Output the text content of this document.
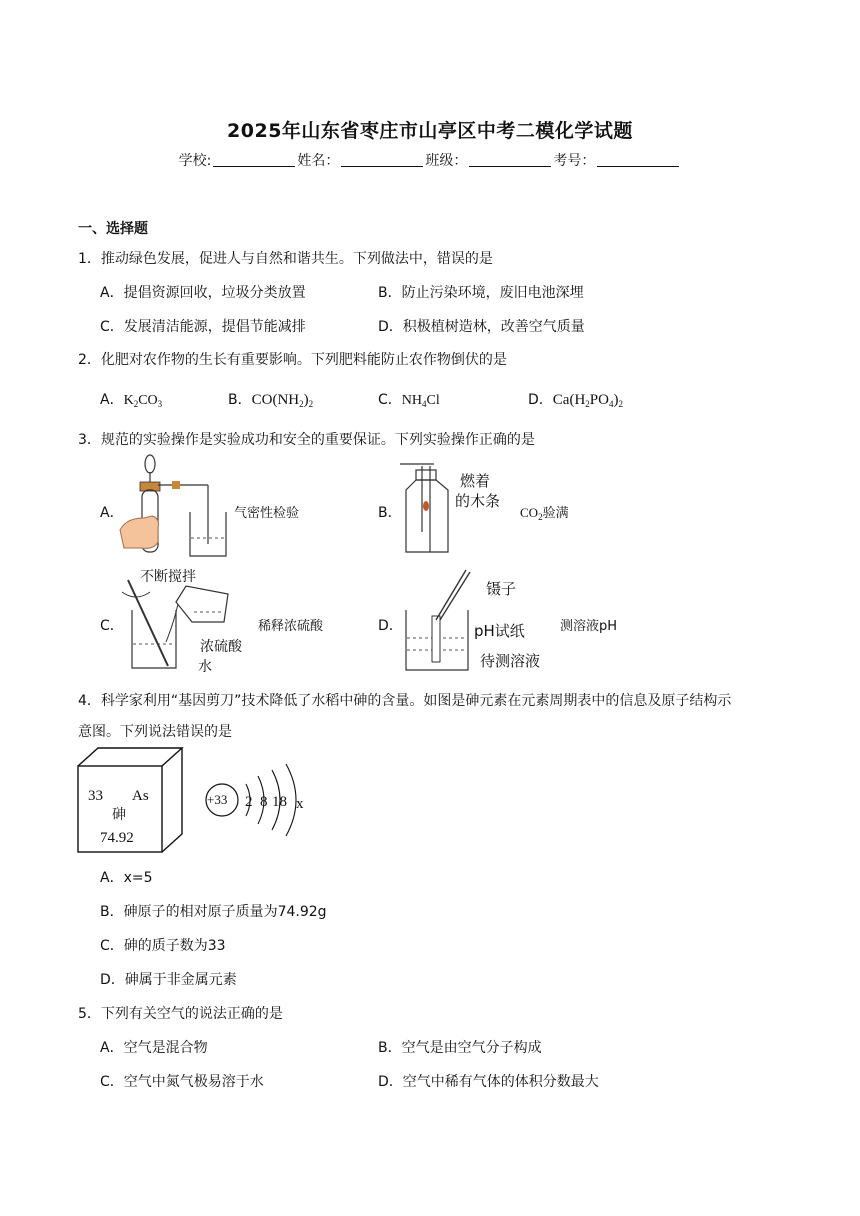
2025年山东省枣庄市山亭区中考二模化学试题
学校:	姓名：	班级：	考号：
一、选择题
1．推动绿色发展，促进人与自然和谐共生。下列做法中，错误的是
A．提倡资源回收，垃圾分类放置	B．防止污染环境，废旧电池深埋
C．发展清洁能源，提倡节能减排	D．积极植树造林，改善空气质量
2．化肥对农作物的生长有重要影响。下列肥料能防止农作物倒伏的是
A．$K_2CO_3$	B．$CO(NH_2)_2$	C．$NH_4Cl$	D．$Ca(H_2PO_4)_2$
3．规范的实验操作是实验成功和安全的重要保证。下列实验操作正确的是
A．	气密性检验	B．
燃着
的木条
$CO_2$验满
C．
不断搅拌
浓硫酸
水
稀释浓硫酸	D．
镊子
pH试纸
待测溶液
测溶液pH
4．科学家利用“基因剪刀”技术降低了水稻中砷的含量。如图是砷元素在元素周期表中的信息及原子结构示
意图。下列说法错误的是
33 As
砷
74.92
+33 2 8 18 x
A．x=5
B．砷原子的相对原子质量为74.92g
C．砷的质子数为33
D．砷属于非金属元素
5．下列有关空气的说法正确的是
A．空气是混合物	B．空气是由空气分子构成
C．空气中氮气极易溶于水	D．空气中稀有气体的体积分数最大
